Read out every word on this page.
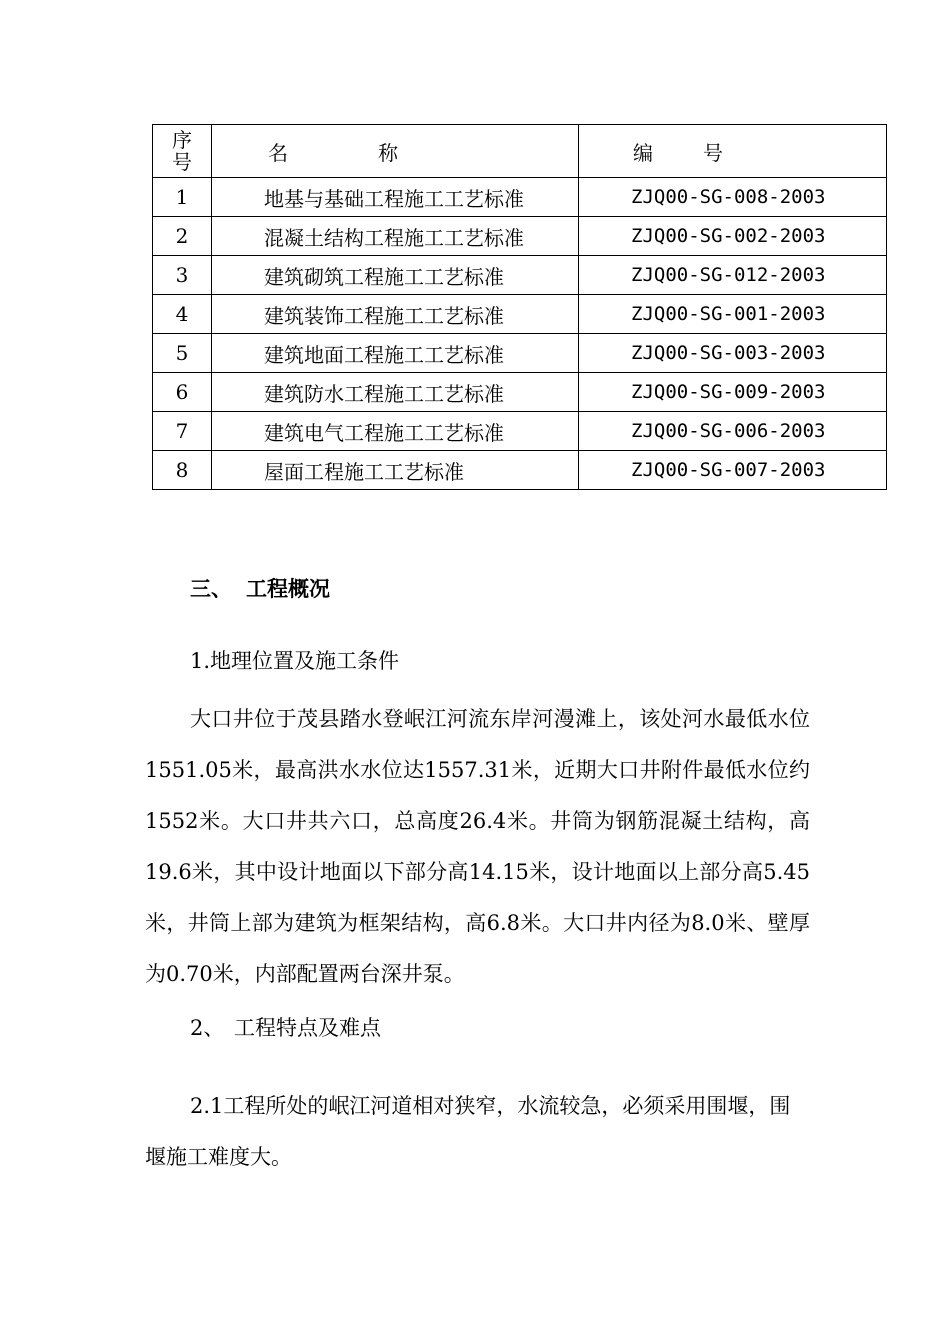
序
号	名 称	编 号
1	地基与基础工程施工工艺标准	ZJQ00-SG-008-2003
2	混凝土结构工程施工工艺标准	ZJQ00-SG-002-2003
3	建筑砌筑工程施工工艺标准	ZJQ00-SG-012-2003
4	建筑装饰工程施工工艺标准	ZJQ00-SG-001-2003
5	建筑地面工程施工工艺标准	ZJQ00-SG-003-2003
6	建筑防水工程施工工艺标准	ZJQ00-SG-009-2003
7	建筑电气工程施工工艺标准	ZJQ00-SG-006-2003
8	屋面工程施工工艺标准	ZJQ00-SG-007-2003
三、 工程概况
1.地理位置及施工条件

大口井位于茂县踏水登岷江河流东岸河漫滩上，该处河水最低水位1551.05米，最高洪水水位达1557.31米，近期大口井附件最低水位约1552米。大口井共六口，总高度26.4米。井筒为钢筋混凝土结构，高19.6米，其中设计地面以下部分高14.15米，设计地面以上部分高5.45米，井筒上部为建筑为框架结构，高6.8米。大口井内径为8.0米、壁厚为0.70米，内部配置两台深井泵。

2、 工程特点及难点

2.1工程所处的岷江河道相对狭窄，水流较急，必须采用围堰，围堰施工难度大。
